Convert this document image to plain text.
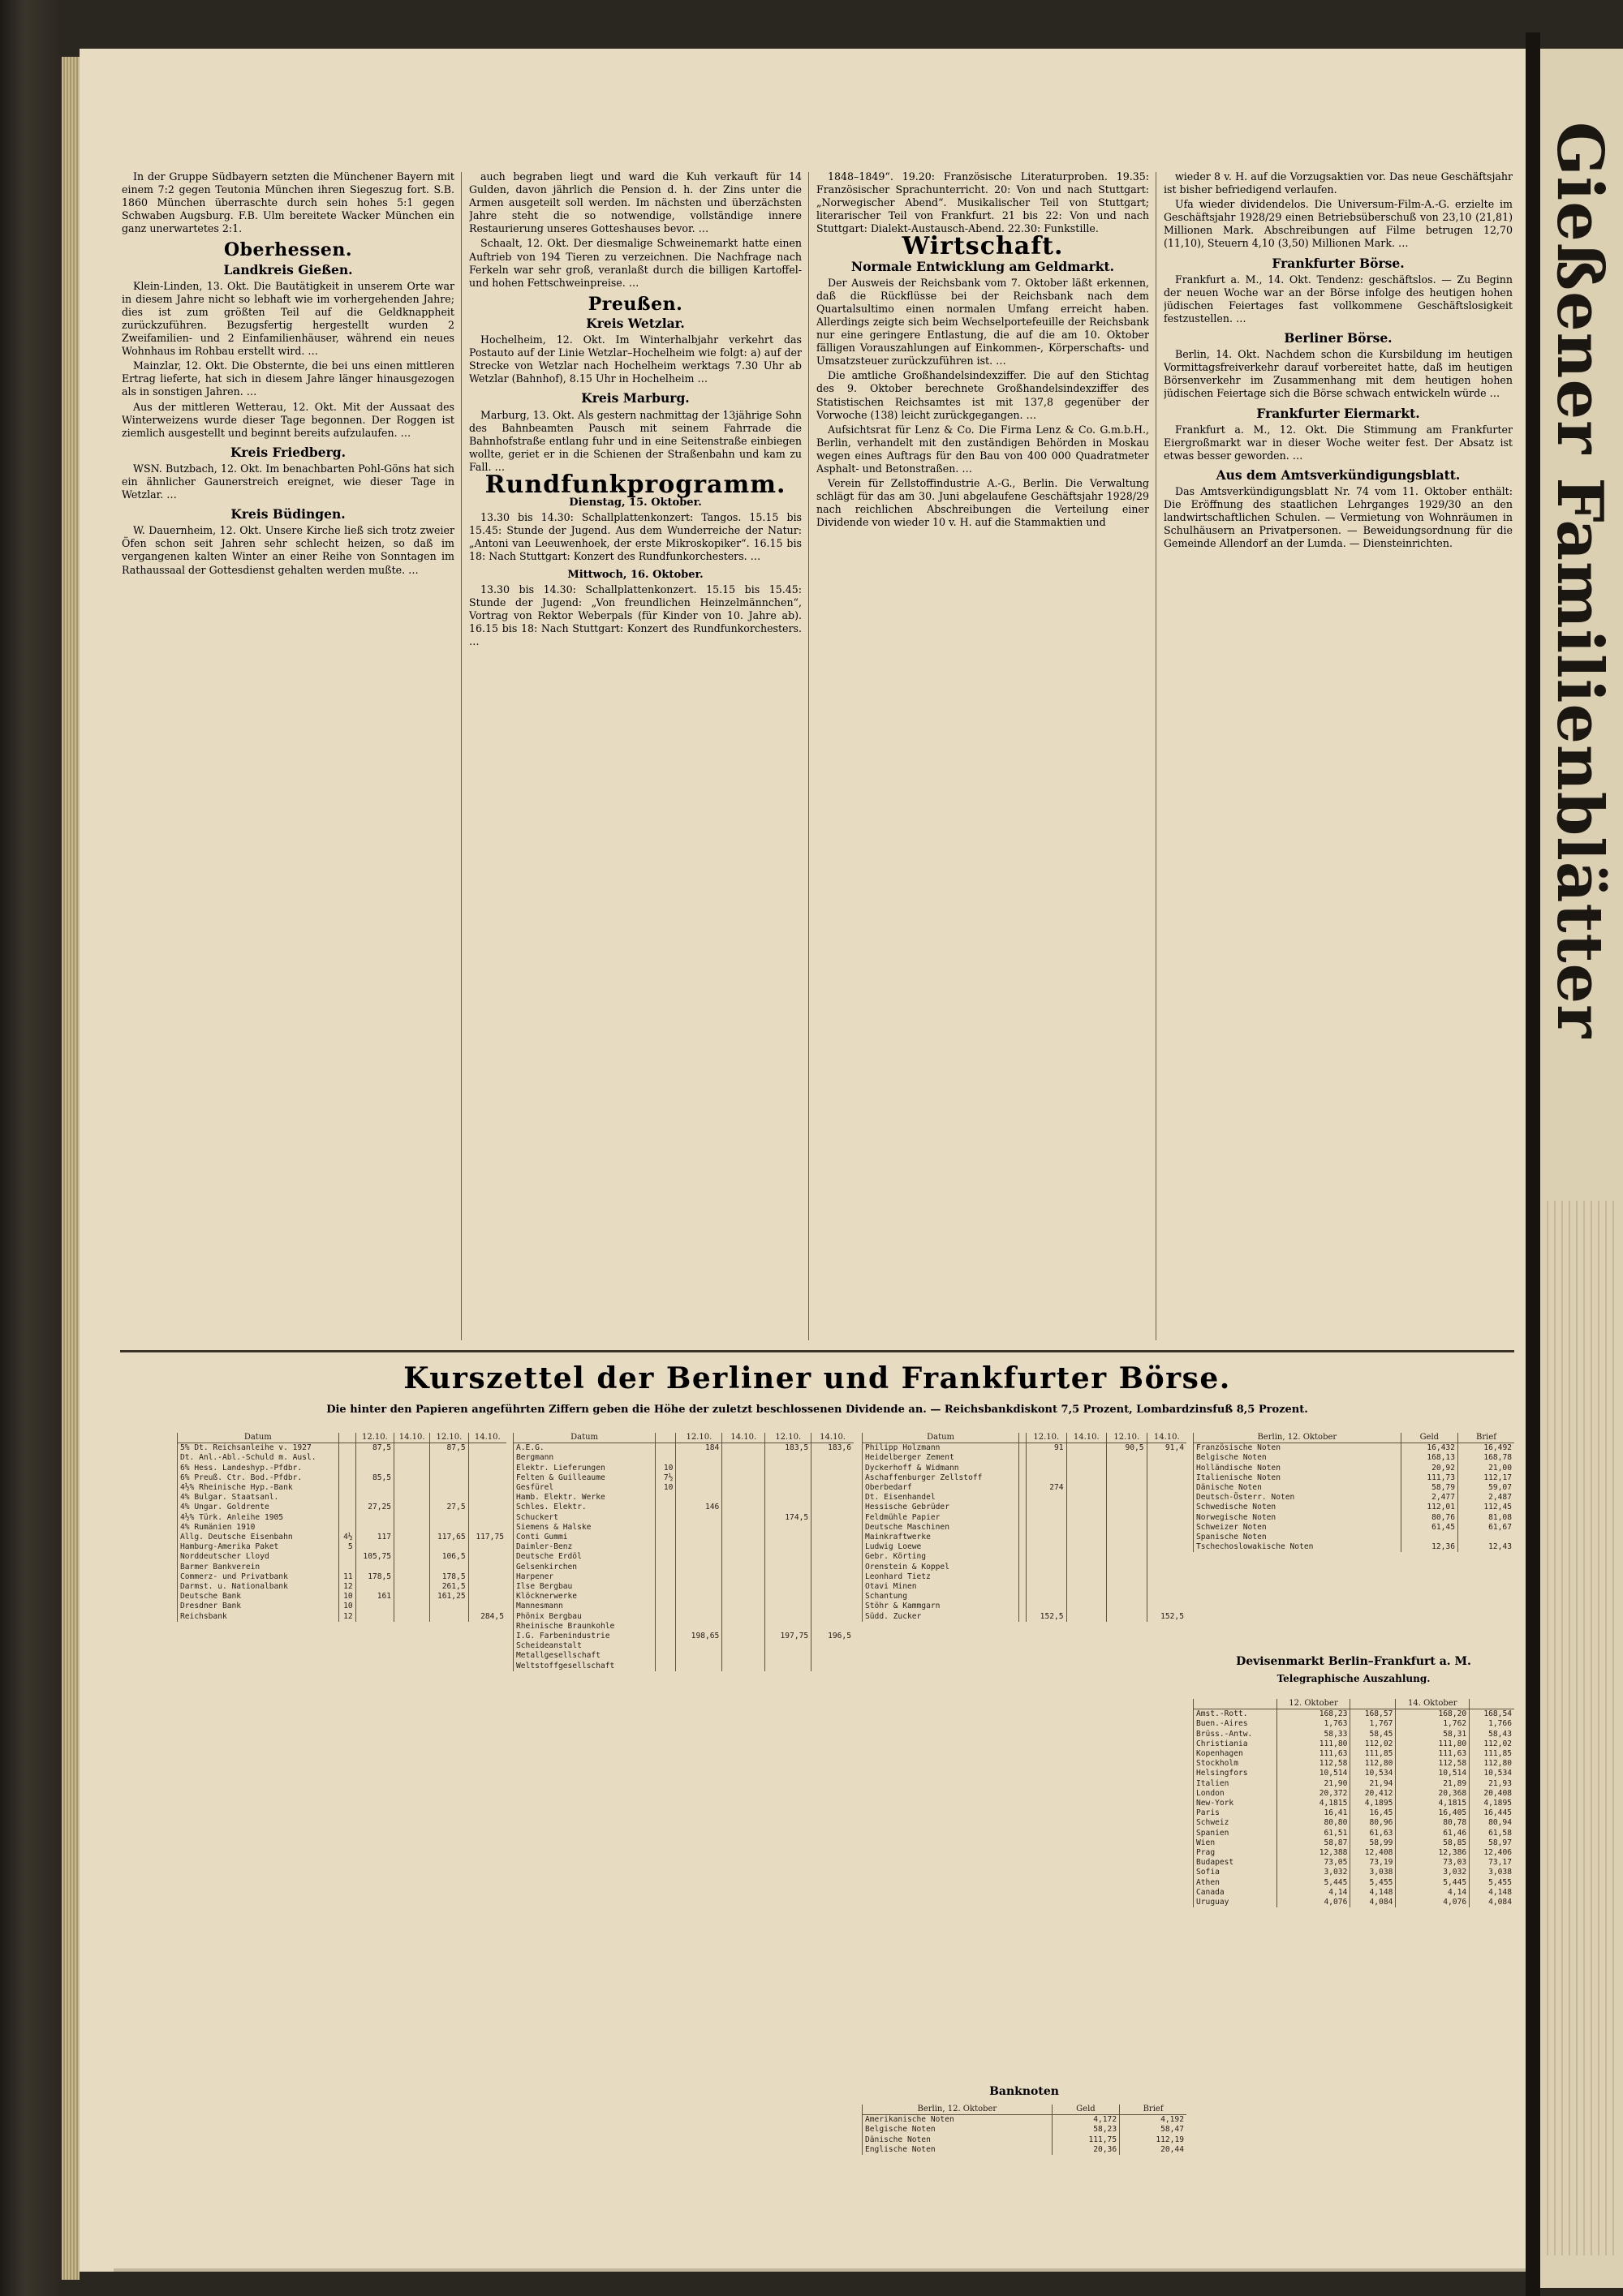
In der Gruppe Südbayern setzten die Münchener Bayern mit einem 7:2 gegen Teutonia München ihren Siegeszug fort. S.B. 1860 München überraschte durch sein hohes 5:1 gegen Schwaben Augsburg. F.B. Ulm bereitete Wacker München ein ganz unerwartetes 2:1.

Oberhessen.
Landkreis Gießen.

Klein-Linden, 13. Okt. Die Bautätigkeit in unserem Orte war in diesem Jahre nicht so lebhaft wie im vorhergehenden Jahre; dies ist zum größten Teil auf die Geldknappheit zurückzuführen. Bezugsfertig hergestellt wurden 2 Zweifamilien- und 2 Einfamilienhäuser, während ein neues Wohnhaus im Rohbau erstellt wird. …

Mainzlar, 12. Okt. Die Obsternte, die bei uns einen mittleren Ertrag lieferte, hat sich in diesem Jahre länger hinausgezogen als in sonstigen Jahren. …

Aus der mittleren Wetterau, 12. Okt. Mit der Aussaat des Winterweizens wurde dieser Tage begonnen. Der Roggen ist ziemlich ausgestellt und beginnt bereits aufzulaufen. …

Kreis Friedberg.

WSN. Butzbach, 12. Okt. Im benachbarten Pohl-Göns hat sich ein ähnlicher Gaunerstreich ereignet, wie dieser Tage in Wetzlar. …

Kreis Büdingen.

W. Dauernheim, 12. Okt. Unsere Kirche ließ sich trotz zweier Öfen schon seit Jahren sehr schlecht heizen, so daß im vergangenen kalten Winter an einer Reihe von Sonntagen im Rathaussaal der Gottesdienst gehalten werden mußte. …

auch begraben liegt und ward die Kuh verkauft für 14 Gulden, davon jährlich die Pension d. h. der Zins unter die Armen ausgeteilt soll werden. Im nächsten und überzächsten Jahre steht die so notwendige, vollständige innere Restaurierung unseres Gotteshauses bevor. …

Schaalt, 12. Okt. Der diesmalige Schweinemarkt hatte einen Auftrieb von 194 Tieren zu verzeichnen. Die Nachfrage nach Ferkeln war sehr groß, veranlaßt durch die billigen Kartoffel- und hohen Fettschweinpreise. …

Preußen.
Kreis Wetzlar.

Hochelheim, 12. Okt. Im Winterhalbjahr verkehrt das Postauto auf der Linie Wetzlar–Hochelheim wie folgt: a) auf der Strecke von Wetzlar nach Hochelheim werktags 7.30 Uhr ab Wetzlar (Bahnhof), 8.15 Uhr in Hochelheim …

Kreis Marburg.

Marburg, 13. Okt. Als gestern nachmittag der 13jährige Sohn des Bahnbeamten Pausch mit seinem Fahrrade die Bahnhofstraße entlang fuhr und in eine Seitenstraße einbiegen wollte, geriet er in die Schienen der Straßenbahn und kam zu Fall. …

Rundfunkprogramm.
Dienstag, 15. Oktober.

13.30 bis 14.30: Schallplattenkonzert: Tangos. 15.15 bis 15.45: Stunde der Jugend. Aus dem Wunderreiche der Natur: „Antoni van Leeuwenhoek, der erste Mikroskopiker“. 16.15 bis 18: Nach Stuttgart: Konzert des Rundfunkorchesters. …

Mittwoch, 16. Oktober.

13.30 bis 14.30: Schallplattenkonzert. 15.15 bis 15.45: Stunde der Jugend: „Von freundlichen Heinzelmännchen“, Vortrag von Rektor Weberpals (für Kinder von 10. Jahre ab). 16.15 bis 18: Nach Stuttgart: Konzert des Rundfunkorchesters. …

1848–1849“. 19.20: Französische Literaturproben. 19.35: Französischer Sprachunterricht. 20: Von und nach Stuttgart: „Norwegischer Abend“. Musikalischer Teil von Stuttgart; literarischer Teil von Frankfurt. 21 bis 22: Von und nach Stuttgart: Dialekt-Austausch-Abend. 22.30: Funkstille.

Wirtschaft.
Normale Entwicklung am Geldmarkt.

Der Ausweis der Reichsbank vom 7. Oktober läßt erkennen, daß die Rückflüsse bei der Reichsbank nach dem Quartalsultimo einen normalen Umfang erreicht haben. Allerdings zeigte sich beim Wechselportefeuille der Reichsbank nur eine geringere Entlastung, die auf die am 10. Oktober fälligen Vorauszahlungen auf Einkommen-, Körperschafts- und Umsatzsteuer zurückzuführen ist. …

Die amtliche Großhandelsindexziffer. Die auf den Stichtag des 9. Oktober berechnete Großhandelsindexziffer des Statistischen Reichsamtes ist mit 137,8 gegenüber der Vorwoche (138) leicht zurückgegangen. …

Aufsichtsrat für Lenz & Co. Die Firma Lenz & Co. G.m.b.H., Berlin, verhandelt mit den zuständigen Behörden in Moskau wegen eines Auftrags für den Bau von 400 000 Quadratmeter Asphalt- und Betonstraßen. …

Verein für Zellstoffindustrie A.-G., Berlin. Die Verwaltung schlägt für das am 30. Juni abgelaufene Geschäftsjahr 1928/29 nach reichlichen Abschreibungen die Verteilung einer Dividende von wieder 10 v. H. auf die Stammaktien und

wieder 8 v. H. auf die Vorzugsaktien vor. Das neue Geschäftsjahr ist bisher befriedigend verlaufen.

Ufa wieder dividendelos. Die Universum-Film-A.-G. erzielte im Geschäftsjahr 1928/29 einen Betriebsüberschuß von 23,10 (21,81) Millionen Mark. Abschreibungen auf Filme betrugen 12,70 (11,10), Steuern 4,10 (3,50) Millionen Mark. …

Frankfurter Börse.

Frankfurt a. M., 14. Okt. Tendenz: geschäftslos. — Zu Beginn der neuen Woche war an der Börse infolge des heutigen hohen jüdischen Feiertages fast vollkommene Geschäftslosigkeit festzustellen. …

Berliner Börse.

Berlin, 14. Okt. Nachdem schon die Kursbildung im heutigen Vormittagsfreiverkehr darauf vorbereitet hatte, daß im heutigen Börsenverkehr im Zusammenhang mit dem heutigen hohen jüdischen Feiertage sich die Börse schwach entwickeln würde …

Frankfurter Eiermarkt.

Frankfurt a. M., 12. Okt. Die Stimmung am Frankfurter Eiergroßmarkt war in dieser Woche weiter fest. Der Absatz ist etwas besser geworden. …

Aus dem Amtsverkündigungsblatt.

Das Amtsverkündigungsblatt Nr. 74 vom 11. Oktober enthält: Die Eröffnung des staatlichen Lehrganges 1929/30 an den landwirtschaftlichen Schulen. — Vermietung von Wohnräumen in Schulhäusern an Privatpersonen. — Beweidungsordnung für die Gemeinde Allendorf an der Lumda. — Diensteinrichten.

Kurszettel der Berliner und Frankfurter Börse.
Die hinter den Papieren angeführten Ziffern geben die Höhe der zuletzt beschlossenen Dividende an. — Reichsbankdiskont 7,5 Prozent, Lombardzinsfuß 8,5 Prozent.
Datum		12.10.	14.10.	12.10.	14.10.
5% Dt. Reichsanleihe v. 1927		87,5		87,5	
Dt. Anl.-Abl.-Schuld m. Ausl.					
6% Hess. Landeshyp.-Pfdbr.					
6% Preuß. Ctr. Bod.-Pfdbr.		85,5			
4½% Rheinische Hyp.-Bank					
4% Bulgar. Staatsanl.					
4% Ungar. Goldrente		27,25		27,5	
4½% Türk. Anleihe 1905					
4% Rumänien 1910					
Allg. Deutsche Eisenbahn	4½	117		117,65	117,75
Hamburg-Amerika Paket	5				
Norddeutscher Lloyd		105,75		106,5	
Barmer Bankverein					
Commerz- und Privatbank	11	178,5		178,5	
Darmst. u. Nationalbank	12			261,5	
Deutsche Bank	10	161		161,25	
Dresdner Bank	10				
Reichsbank	12				284,5
Datum		12.10.	14.10.	12.10.	14.10.
A.E.G.		184		183,5	183,6
Bergmann					
Elektr. Lieferungen	10				
Felten & Guilleaume	7½				
Gesfürel	10				
Hamb. Elektr. Werke					
Schles. Elektr.		146			
Schuckert				174,5	
Siemens & Halske					
Conti Gummi					
Daimler-Benz					
Deutsche Erdöl					
Gelsenkirchen					
Harpener					
Ilse Bergbau					
Klöcknerwerke					
Mannesmann					
Phönix Bergbau					
Rheinische Braunkohle					
I.G. Farbenindustrie		198,65		197,75	196,5
Scheideanstalt					
Metallgesellschaft					
Weltstoffgesellschaft					
Datum		12.10.	14.10.	12.10.	14.10.
Philipp Holzmann		91		90,5	91,4
Heidelberger Zement					
Dyckerhoff & Widmann					
Aschaffenburger Zellstoff					
Oberbedarf		274			
Dt. Eisenhandel					
Hessische Gebrüder					
Feldmühle Papier					
Deutsche Maschinen					
Mainkraftwerke					
Ludwig Loewe					
Gebr. Körting					
Orenstein & Koppel					
Leonhard Tietz					
Otavi Minen					
Schantung					
Stöhr & Kammgarn					
Südd. Zucker		152,5			152,5
Berlin, 12. Oktober	Geld	Brief
Französische Noten	16,432	16,492
Belgische Noten	168,13	168,78
Holländische Noten	20,92	21,00
Italienische Noten	111,73	112,17
Dänische Noten	58,79	59,07
Deutsch-Österr. Noten	2,477	2,487
Schwedische Noten	112,01	112,45
Norwegische Noten	80,76	81,08
Schweizer Noten	61,45	61,67
Spanische Noten		
Tschechoslowakische Noten	12,36	12,43
Devisenmarkt Berlin–Frankfurt a. M.
Telegraphische Auszahlung.
	12. Oktober		14. Oktober	
Amst.-Rott.	168,23	168,57	168,20	168,54
Buen.-Aires	1,763	1,767	1,762	1,766
Brüss.-Antw.	58,33	58,45	58,31	58,43
Christiania	111,80	112,02	111,80	112,02
Kopenhagen	111,63	111,85	111,63	111,85
Stockholm	112,58	112,80	112,58	112,80
Helsingfors	10,514	10,534	10,514	10,534
Italien	21,90	21,94	21,89	21,93
London	20,372	20,412	20,368	20,408
New-York	4,1815	4,1895	4,1815	4,1895
Paris	16,41	16,45	16,405	16,445
Schweiz	80,80	80,96	80,78	80,94
Spanien	61,51	61,63	61,46	61,58
Wien	58,87	58,99	58,85	58,97
Prag	12,388	12,408	12,386	12,406
Budapest	73,05	73,19	73,03	73,17
Sofia	3,032	3,038	3,032	3,038
Athen	5,445	5,455	5,445	5,455
Canada	4,14	4,148	4,14	4,148
Uruguay	4,076	4,084	4,076	4,084
Banknoten
Berlin, 12. Oktober	Geld	Brief
Amerikanische Noten	4,172	4,192
Belgische Noten	58,23	58,47
Dänische Noten	111,75	112,19
Englische Noten	20,36	20,44
Gießener Familienblätter
